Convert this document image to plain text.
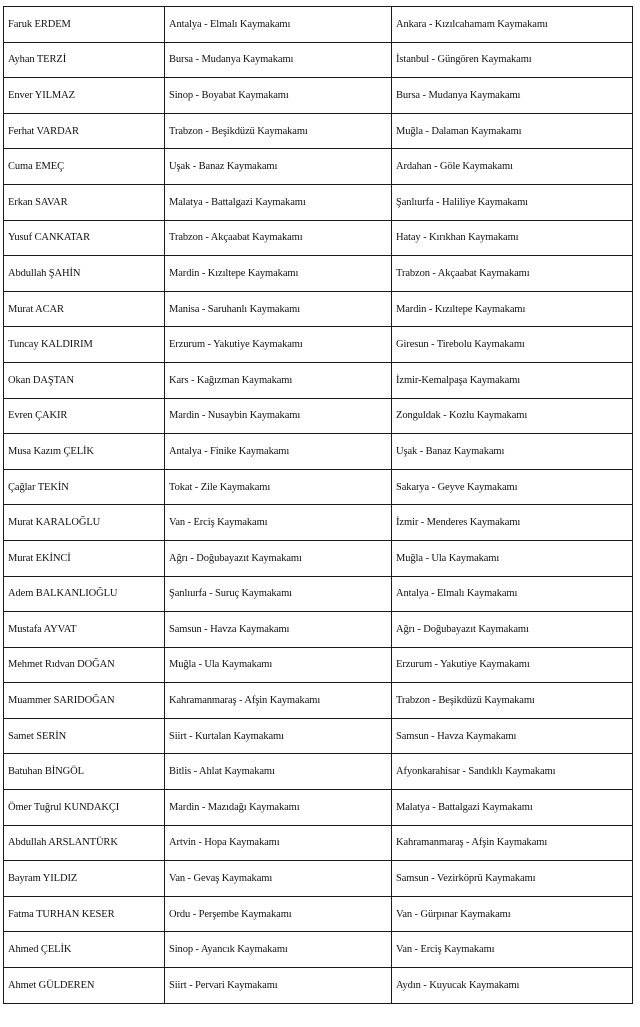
Faruk ERDEM	Antalya - Elmalı Kaymakamı	Ankara - Kızılcahamam Kaymakamı
Ayhan TERZİ	Bursa - Mudanya Kaymakamı	İstanbul - Güngören Kaymakamı
Enver YILMAZ	Sinop - Boyabat Kaymakamı	Bursa - Mudanya Kaymakamı
Ferhat VARDAR	Trabzon - Beşikdüzü Kaymakamı	Muğla - Dalaman Kaymakamı
Cuma EMEÇ	Uşak - Banaz Kaymakamı	Ardahan - Göle Kaymakamı
Erkan SAVAR	Malatya - Battalgazi Kaymakamı	Şanlıurfa - Haliliye Kaymakamı
Yusuf CANKATAR	Trabzon - Akçaabat Kaymakamı	Hatay - Kırıkhan Kaymakamı
Abdullah ŞAHİN	Mardin - Kızıltepe Kaymakamı	Trabzon - Akçaabat Kaymakamı
Murat ACAR	Manisa - Saruhanlı Kaymakamı	Mardin - Kızıltepe Kaymakamı
Tuncay KALDIRIM	Erzurum - Yakutiye Kaymakamı	Giresun - Tirebolu Kaymakamı
Okan DAŞTAN	Kars - Kağızman Kaymakamı	İzmir-Kemalpaşa Kaymakamı
Evren ÇAKIR	Mardin - Nusaybin Kaymakamı	Zonguldak - Kozlu Kaymakamı
Musa Kazım ÇELİK	Antalya - Finike Kaymakamı	Uşak - Banaz Kaymakamı
Çağlar TEKİN	Tokat - Zile Kaymakamı	Sakarya - Geyve Kaymakamı
Murat KARALOĞLU	Van - Erciş Kaymakamı	İzmir - Menderes Kaymakamı
Murat EKİNCİ	Ağrı - Doğubayazıt Kaymakamı	Muğla - Ula Kaymakamı
Adem BALKANLIOĞLU	Şanlıurfa - Suruç Kaymakamı	Antalya - Elmalı Kaymakamı
Mustafa AYVAT	Samsun - Havza Kaymakamı	Ağrı - Doğubayazıt Kaymakamı
Mehmet Rıdvan DOĞAN	Muğla - Ula Kaymakamı	Erzurum - Yakutiye Kaymakamı
Muammer SARIDOĞAN	Kahramanmaraş - Afşin Kaymakamı	Trabzon - Beşikdüzü Kaymakamı
Samet SERİN	Siirt - Kurtalan Kaymakamı	Samsun - Havza Kaymakamı
Batuhan BİNGÖL	Bitlis - Ahlat Kaymakamı	Afyonkarahisar - Sandıklı Kaymakamı
Ömer Tuğrul KUNDAKÇI	Mardin - Mazıdağı Kaymakamı	Malatya - Battalgazi Kaymakamı
Abdullah ARSLANTÜRK	Artvin - Hopa Kaymakamı	Kahramanmaraş - Afşin Kaymakamı
Bayram YILDIZ	Van - Gevaş Kaymakamı	Samsun - Vezirköprü Kaymakamı
Fatma TURHAN KESER	Ordu - Perşembe Kaymakamı	Van - Gürpınar Kaymakamı
Ahmed ÇELİK	Sinop - Ayancık Kaymakamı	Van - Erciş Kaymakamı
Ahmet GÜLDEREN	Siirt - Pervari Kaymakamı	Aydın - Kuyucak Kaymakamı
